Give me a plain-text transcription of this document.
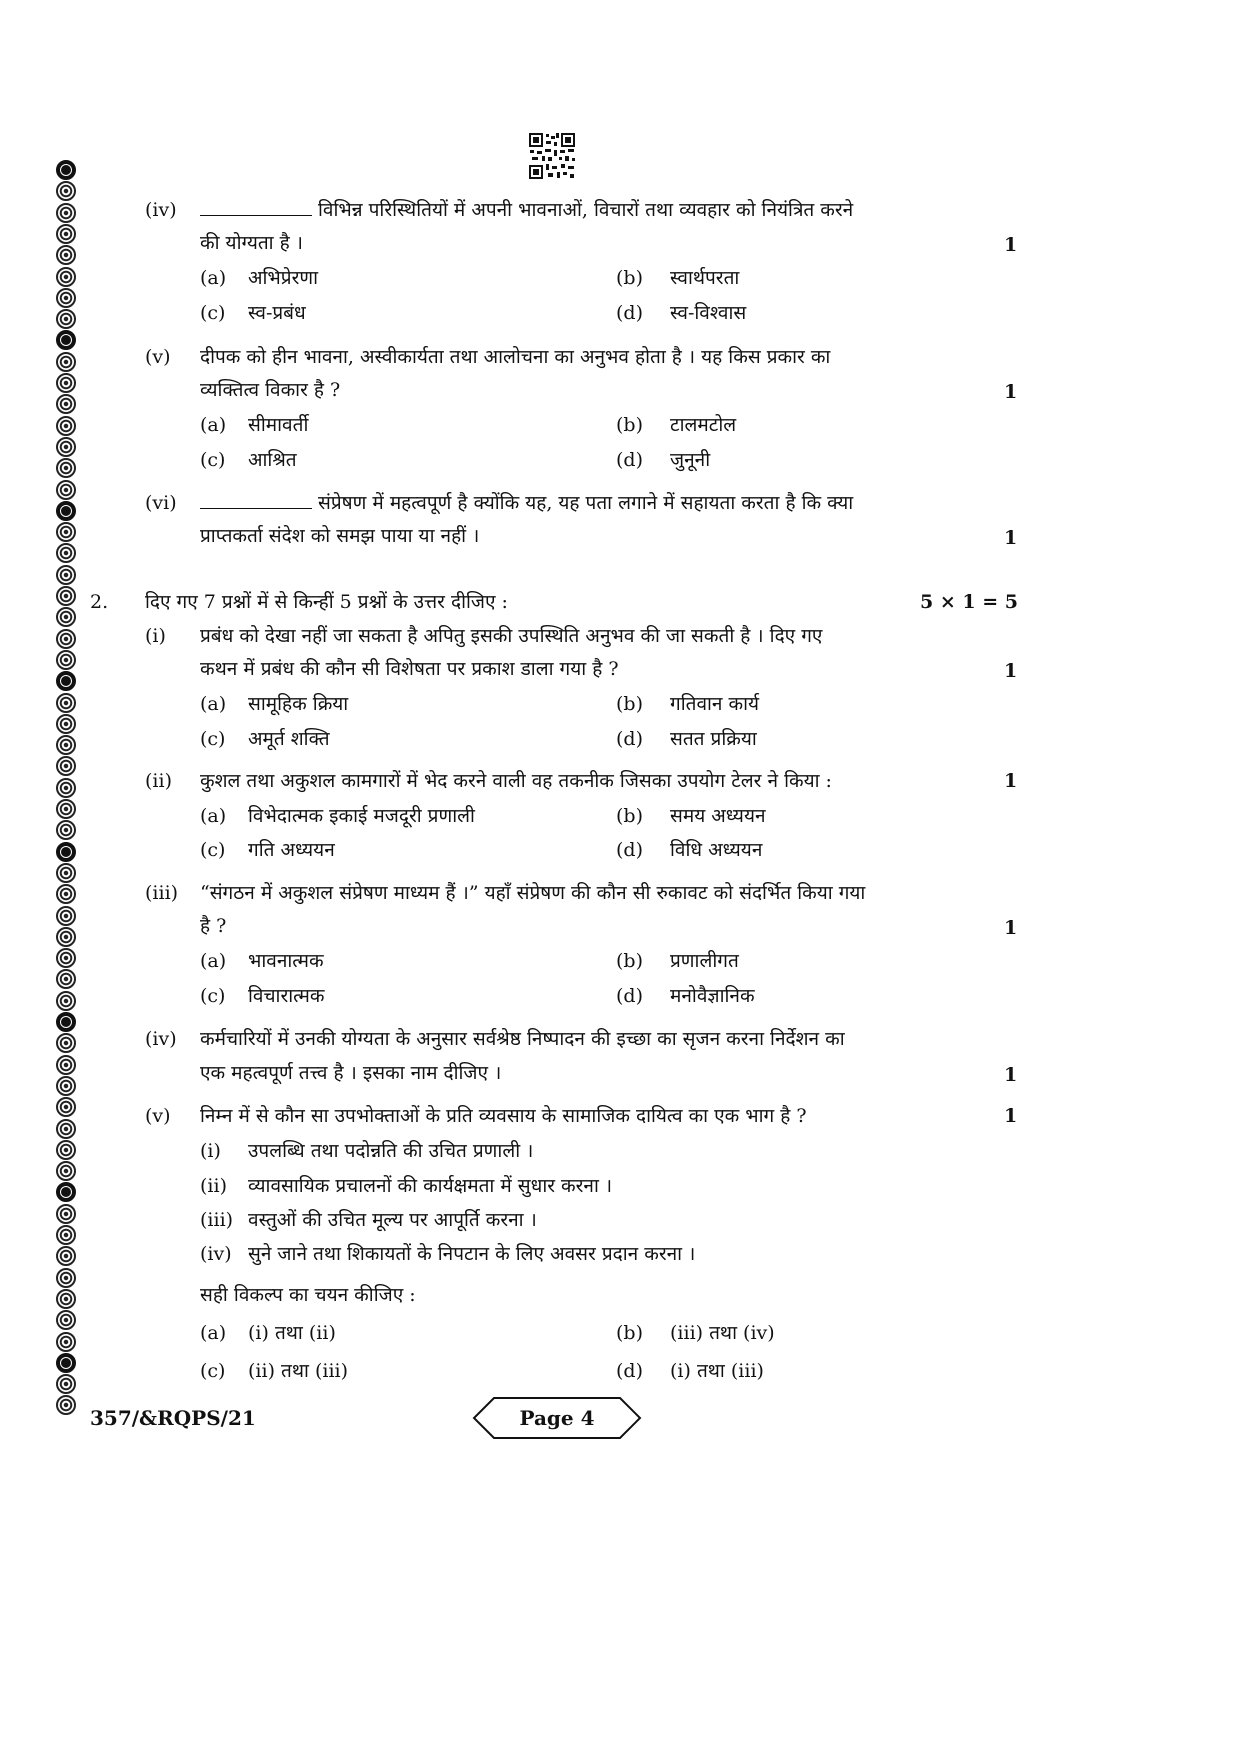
(iv)	विभिन्न परिस्थितियों में अपनी भावनाओं, विचारों तथा व्यवहार को नियंत्रित करने
की योग्यता है ।	1
(a) अभिप्रेरणा	(b) स्वार्थपरता
(c) स्व-प्रबंध	(d) स्व-विश्वास
(v) दीपक को हीन भावना, अस्वीकार्यता तथा आलोचना का अनुभव होता है । यह किस प्रकार का
व्यक्तित्व विकार है ?	1
(a) सीमावर्ती	(b) टालमटोल
(c) आश्रित	(d) जुनूनी
(vi)	संप्रेषण में महत्वपूर्ण है क्योंकि यह, यह पता लगाने में सहायता करता है कि क्या
प्राप्तकर्ता संदेश को समझ पाया या नहीं ।	1
2. दिए गए 7 प्रश्नों में से किन्हीं 5 प्रश्नों के उत्तर दीजिए :	5 × 1 = 5
(i) प्रबंध को देखा नहीं जा सकता है अपितु इसकी उपस्थिति अनुभव की जा सकती है । दिए गए
कथन में प्रबंध की कौन सी विशेषता पर प्रकाश डाला गया है ?	1
(a) सामूहिक क्रिया	(b) गतिवान कार्य
(c) अमूर्त शक्ति	(d) सतत प्रक्रिया
(ii) कुशल तथा अकुशल कामगारों में भेद करने वाली वह तकनीक जिसका उपयोग टेलर ने किया :	1
(a) विभेदात्मक इकाई मजदूरी प्रणाली	(b) समय अध्ययन
(c) गति अध्ययन	(d) विधि अध्ययन
(iii) “संगठन में अकुशल संप्रेषण माध्यम हैं ।” यहाँ संप्रेषण की कौन सी रुकावट को संदर्भित किया गया
है ?	1
(a) भावनात्मक	(b) प्रणालीगत
(c) विचारात्मक	(d) मनोवैज्ञानिक
(iv) कर्मचारियों में उनकी योग्यता के अनुसार सर्वश्रेष्ठ निष्पादन की इच्छा का सृजन करना निर्देशन का
एक महत्वपूर्ण तत्त्व है । इसका नाम दीजिए ।	1
(v) निम्न में से कौन सा उपभोक्ताओं के प्रति व्यवसाय के सामाजिक दायित्व का एक भाग है ?	1
(i) उपलब्धि तथा पदोन्नति की उचित प्रणाली ।
(ii) व्यावसायिक प्रचालनों की कार्यक्षमता में सुधार करना ।
(iii) वस्तुओं की उचित मूल्य पर आपूर्ति करना ।
(iv) सुने जाने तथा शिकायतों के निपटान के लिए अवसर प्रदान करना ।
सही विकल्प का चयन कीजिए :
(a) (i) तथा (ii)	(b) (iii) तथा (iv)
(c) (ii) तथा (iii)	(d) (i) तथा (iii)
357/&RQPS/21	Page 4
